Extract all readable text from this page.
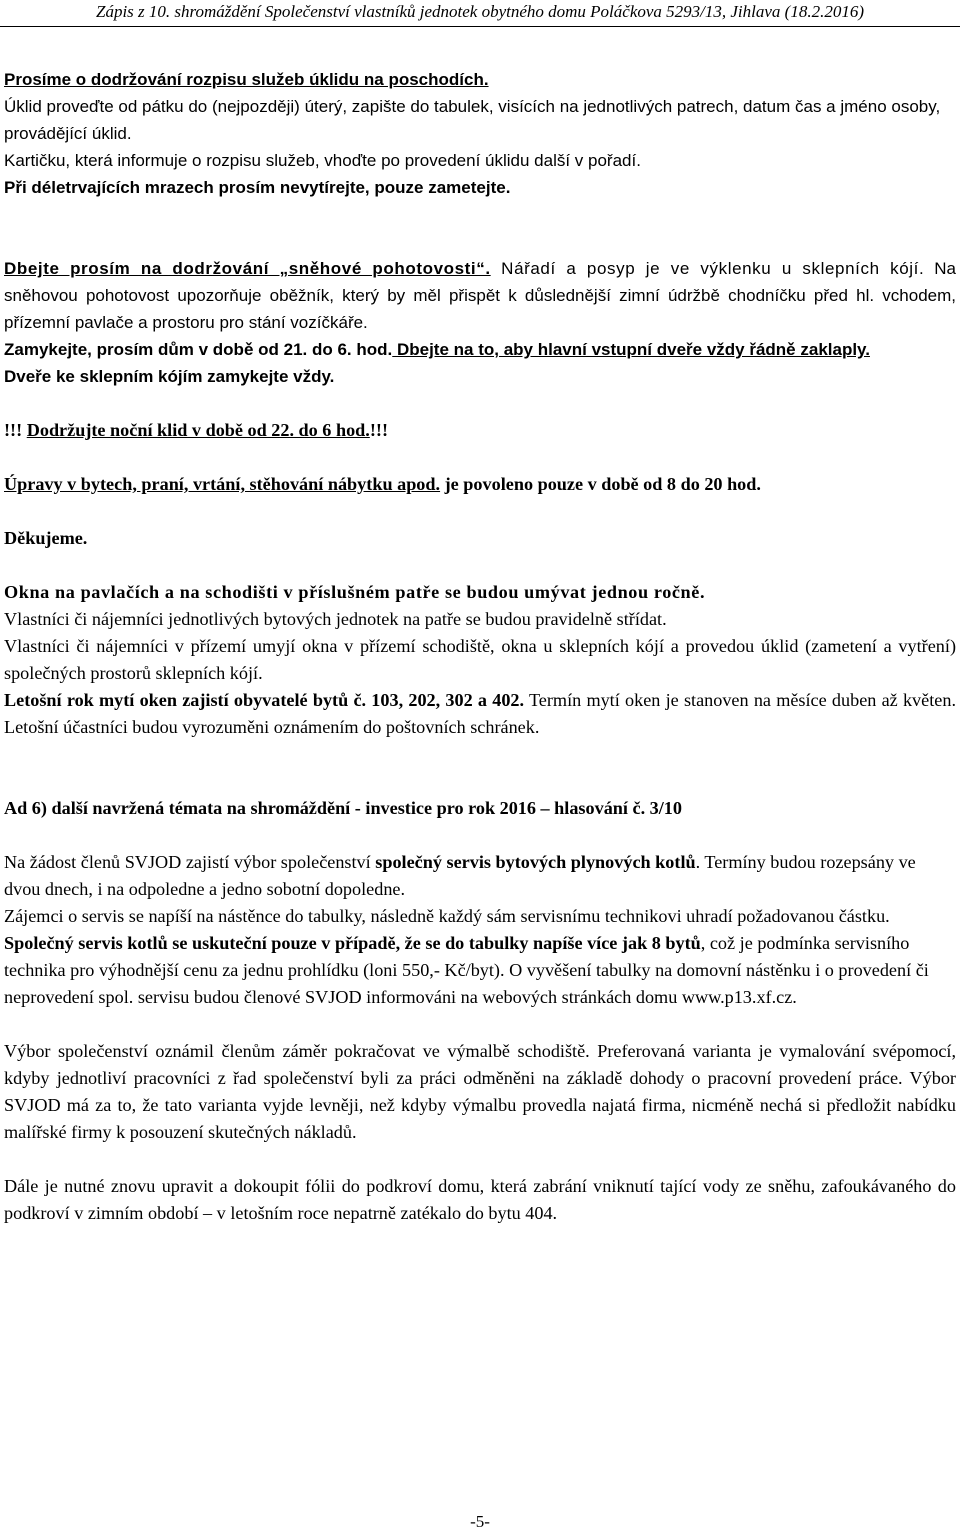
Zápis z 10. shromáždění Společenství vlastníků jednotek obytného domu Poláčkova 5293/13, Jihlava (18.2.2016)

Prosíme o dodržování rozpisu služeb úklidu na poschodích.

Úklid proveďte od pátku do (nejpozději) úterý, zapište do tabulek, visících na jednotlivých patrech, datum čas a jméno osoby, provádějící úklid.

Kartičku, která informuje o rozpisu služeb, vhoďte po provedení úklidu další v pořadí.

Při déletrvajících mrazech prosím nevytírejte, pouze zametejte.

Dbejte prosím na dodržování „sněhové pohotovosti“. Nářadí a posyp je ve výklenku u sklepních kójí. Na sněhovou pohotovost upozorňuje oběžník, který by měl přispět k důslednější zimní údržbě chodníčku před hl. vchodem, přízemní pavlače a prostoru pro stání vozíčkáře.

Zamykejte, prosím dům v době od 21. do 6. hod. Dbejte na to, aby hlavní vstupní dveře vždy řádně zaklaply.

Dveře ke sklepním kójím zamykejte vždy.

!!! Dodržujte noční klid v době od 22. do 6 hod.!!!

Úpravy v bytech, praní, vrtání, stěhování nábytku apod. je povoleno pouze v době od 8 do 20 hod.

Děkujeme.

Okna na pavlačích a na schodišti v příslušném patře se budou umývat jednou ročně.

Vlastníci či nájemníci jednotlivých bytových jednotek na patře se budou pravidelně střídat.

Vlastníci či nájemníci v přízemí umyjí okna v přízemí schodiště, okna u sklepních kójí a provedou úklid (zametení a vytření) společných prostorů sklepních kójí.

Letošní rok mytí oken zajistí obyvatelé bytů č. 103, 202, 302 a 402. Termín mytí oken je stanoven na měsíce duben až květen. Letošní účastníci budou vyrozuměni oznámením do poštovních schránek.

Ad 6) další navržená témata na shromáždění - investice pro rok 2016 – hlasování č. 3/10

Na žádost členů SVJOD zajistí výbor společenství společný servis bytových plynových kotlů. Termíny budou rozepsány ve dvou dnech, i na odpoledne a jedno sobotní dopoledne.

Zájemci o servis se napíší na nástěnce do tabulky, následně každý sám servisnímu technikovi uhradí požadovanou částku. Společný servis kotlů se uskuteční pouze v případě, že se do tabulky napíše více jak 8 bytů, což je podmínka servisního technika pro výhodnější cenu za jednu prohlídku (loni 550,- Kč/byt). O vyvěšení tabulky na domovní nástěnku i o provedení či neprovedení spol. servisu budou členové SVJOD informováni na webových stránkách domu www.p13.xf.cz.

Výbor společenství oznámil členům záměr pokračovat ve výmalbě schodiště. Preferovaná varianta je vymalování svépomocí, kdyby jednotliví pracovníci z řad společenství byli za práci odměněni na základě dohody o pracovní provedení práce. Výbor SVJOD má za to, že tato varianta vyjde levněji, než kdyby výmalbu provedla najatá firma, nicméně nechá si předložit nabídku malířské firmy k posouzení skutečných nákladů.

Dále je nutné znovu upravit a dokoupit fólii do podkroví domu, která zabrání vniknutí tající vody ze sněhu, zafoukávaného do podkroví v zimním období – v letošním roce nepatrně zatékalo do bytu 404.

-5-
